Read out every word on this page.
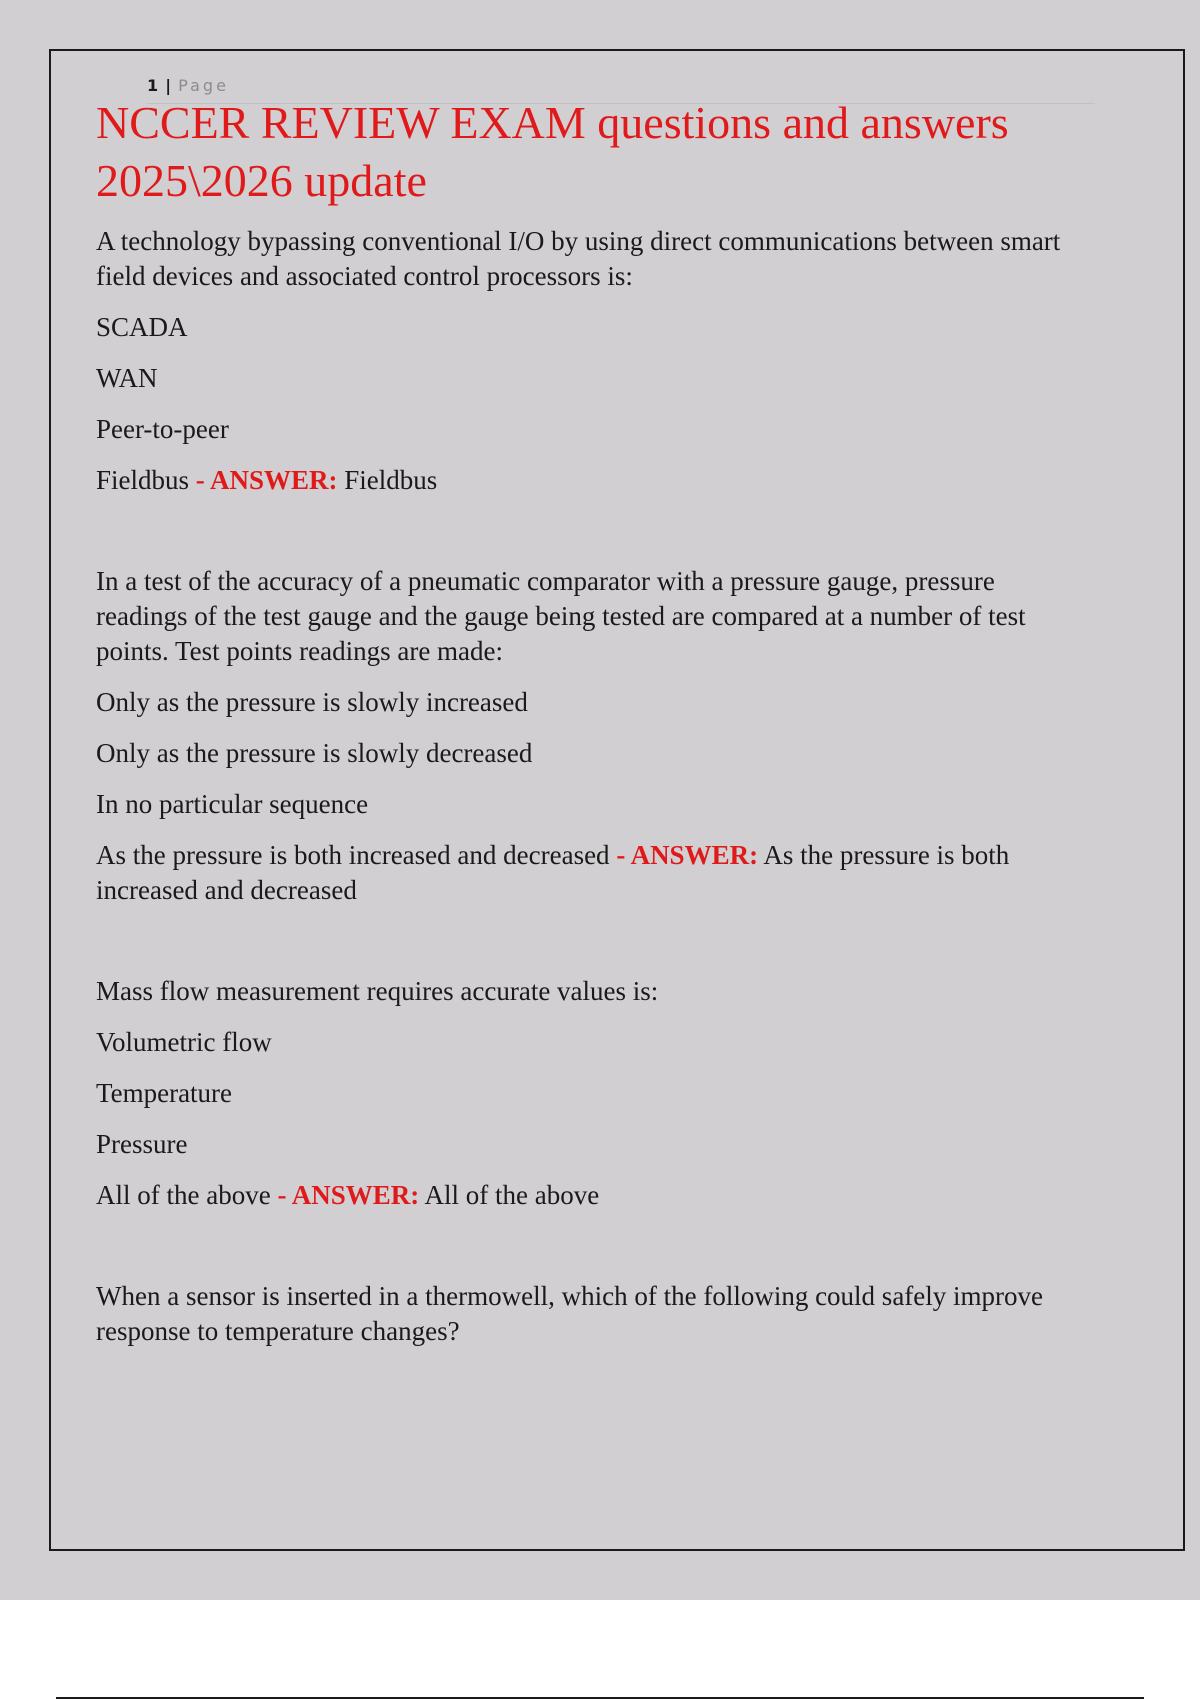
1 | Page
NCCER REVIEW EXAM questions and answers 2025\2026 update

A technology bypassing conventional I/O by using direct communications between smart field devices and associated control processors is:

SCADA

WAN

Peer-to-peer

Fieldbus - ANSWER: Fieldbus

In a test of the accuracy of a pneumatic comparator with a pressure gauge, pressure readings of the test gauge and the gauge being tested are compared at a number of test points. Test points readings are made:

Only as the pressure is slowly increased

Only as the pressure is slowly decreased

In no particular sequence

As the pressure is both increased and decreased - ANSWER: As the pressure is both increased and decreased

Mass flow measurement requires accurate values is:

Volumetric flow

Temperature

Pressure

All of the above - ANSWER: All of the above

When a sensor is inserted in a thermowell, which of the following could safely improve response to temperature changes?
